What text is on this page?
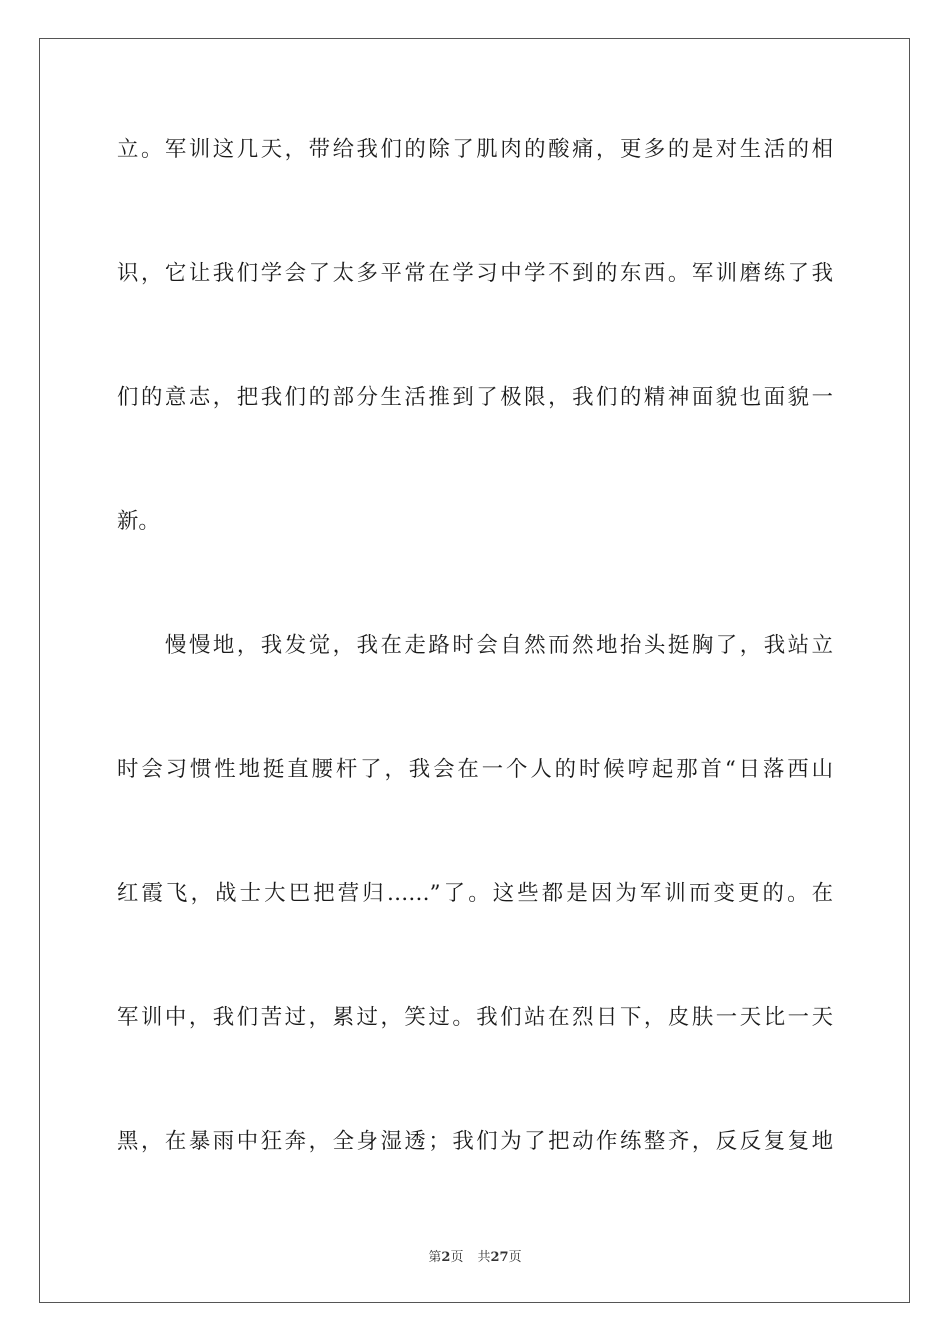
立。军训这几天，带给我们的除了肌肉的酸痛，更多的是对生活的相
识，它让我们学会了太多平常在学习中学不到的东西。军训磨练了我
们的意志，把我们的部分生活推到了极限，我们的精神面貌也面貌一
新。
慢慢地，我发觉，我在走路时会自然而然地抬头挺胸了，我站立
时会习惯性地挺直腰杆了，我会在一个人的时候哼起那首“日落西山
红霞飞，战士大巴把营归……”了。这些都是因为军训而变更的。在
军训中，我们苦过，累过，笑过。我们站在烈日下，皮肤一天比一天
黑，在暴雨中狂奔，全身湿透；我们为了把动作练整齐，反反复复地
第2页 共27页
